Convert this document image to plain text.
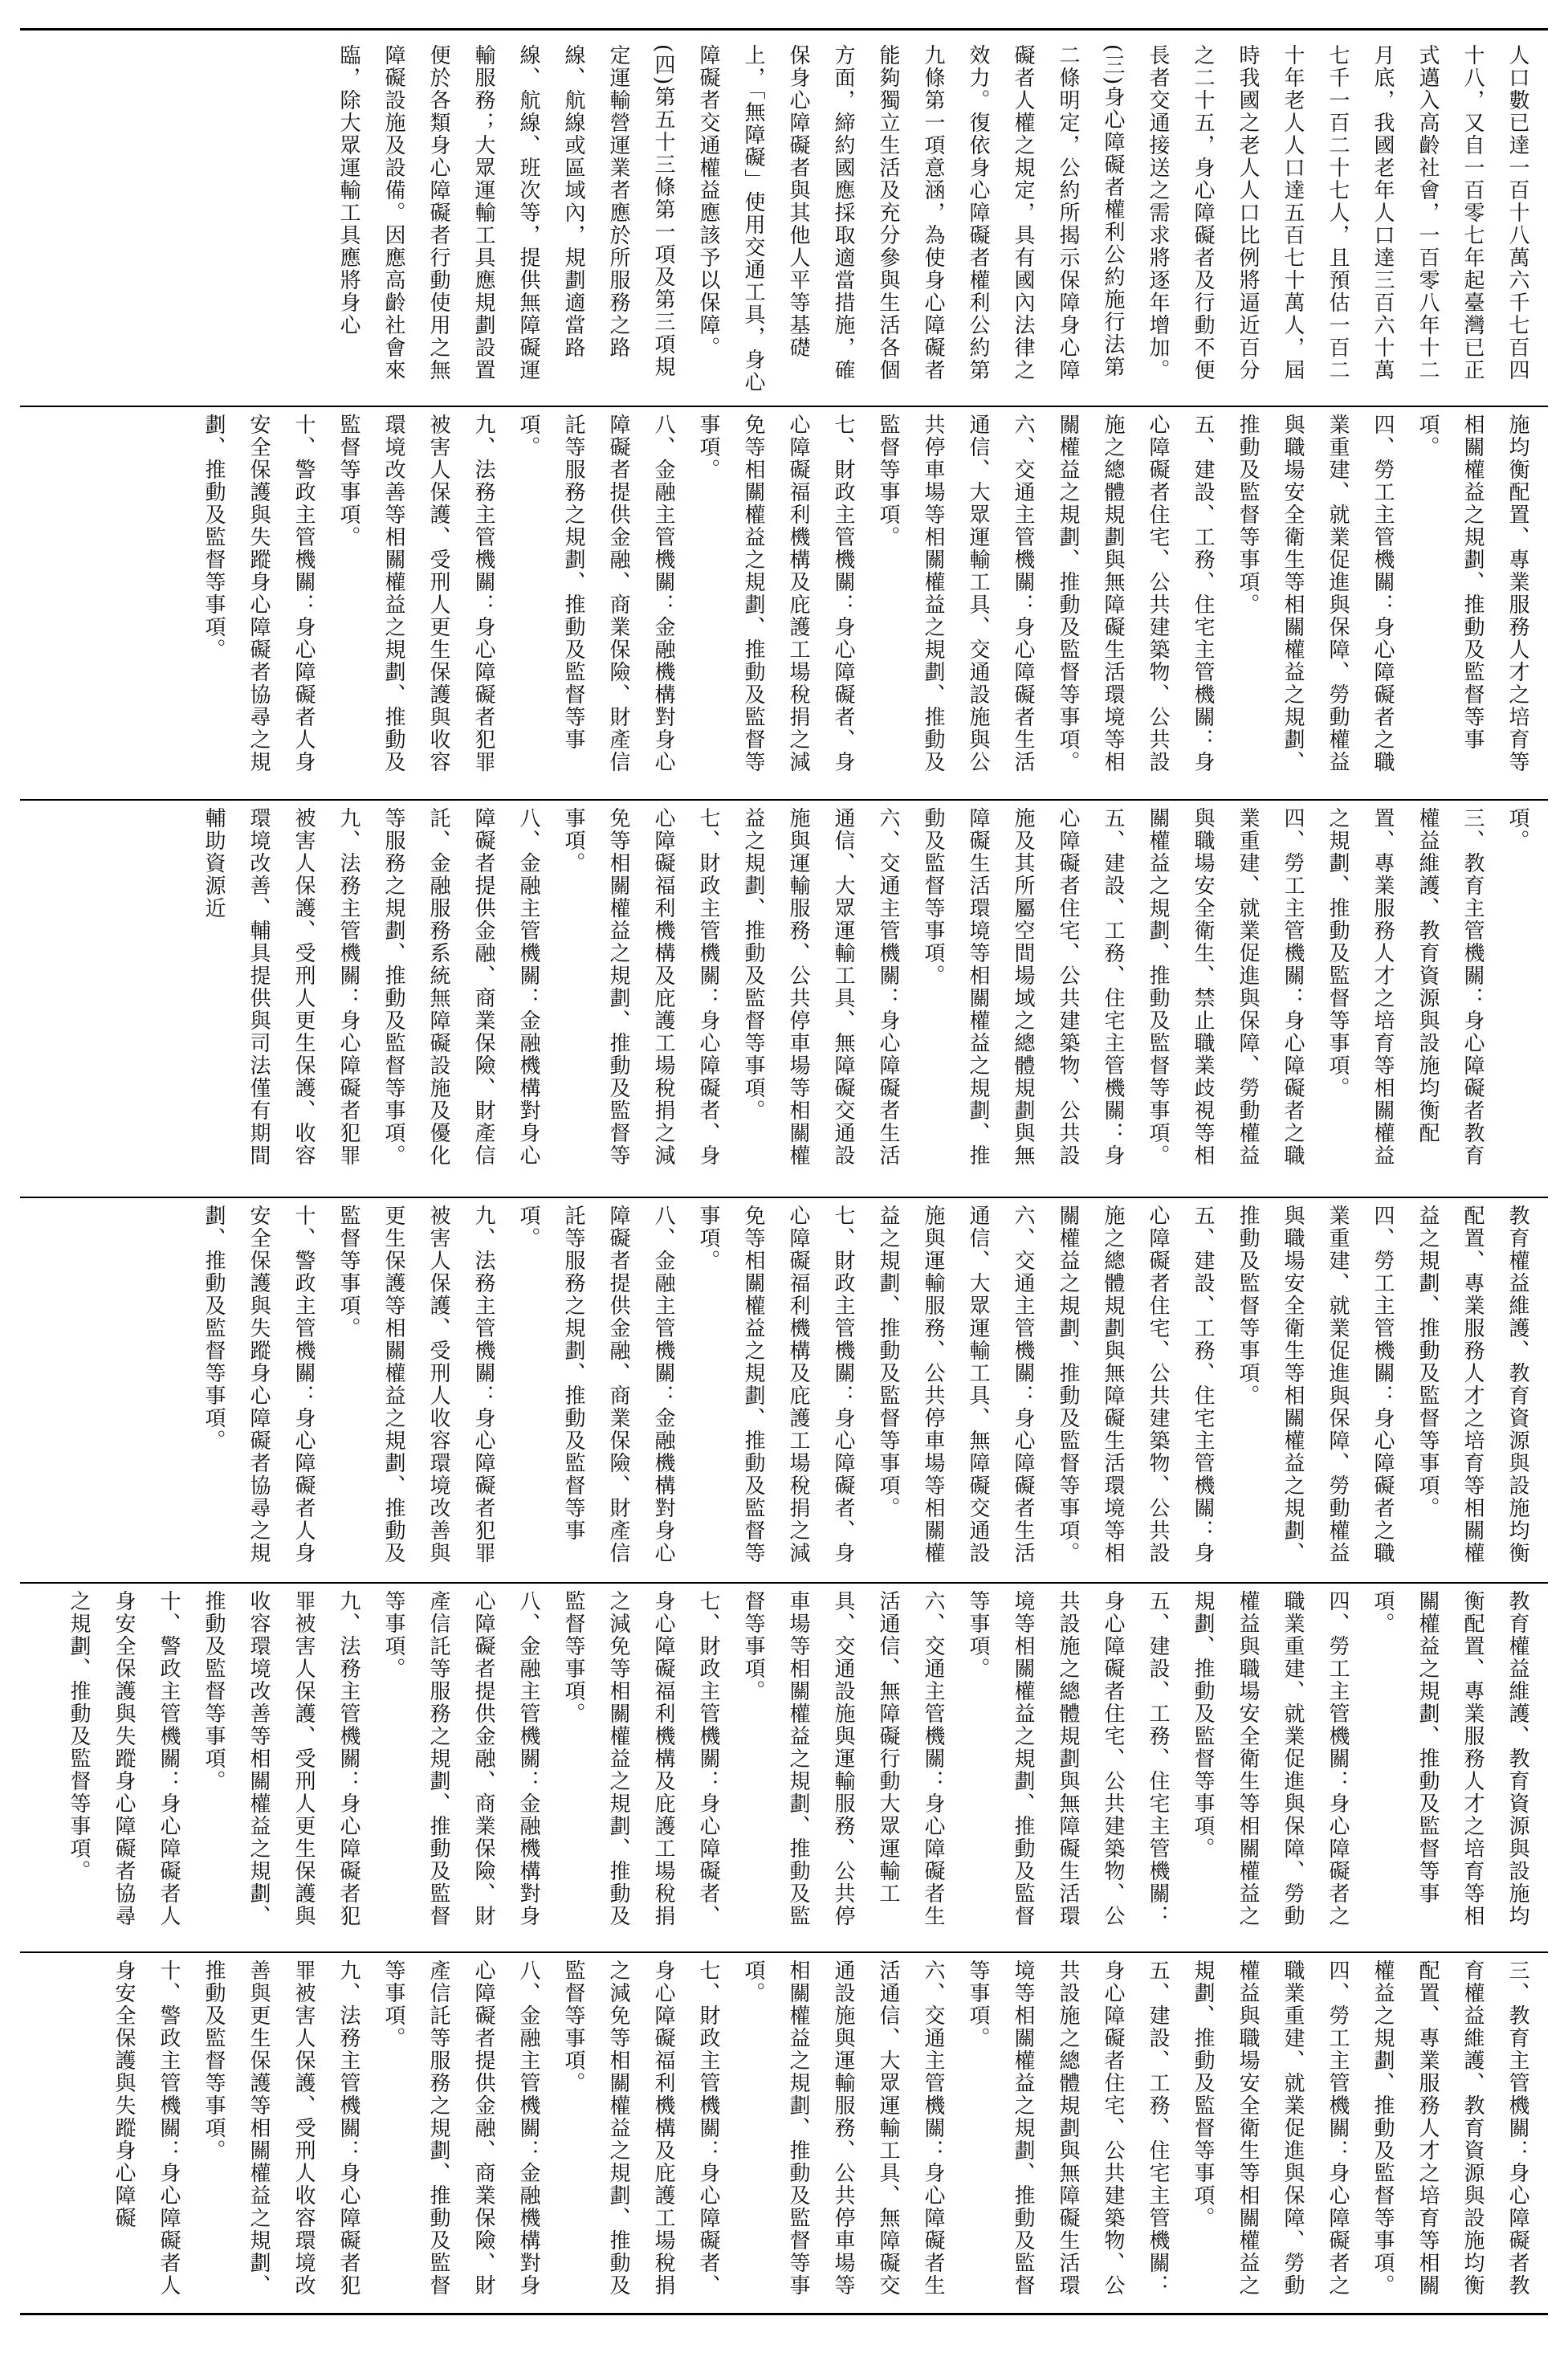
人口數已達一百十八萬六千七百四十八，又自一百零七年起臺灣已正式邁入高齡社會，一百零八年十二月底，我國老年人口達三百六十萬七千一百二十七人，且預估一百二十年老人人口達五百七十萬人，屆時我國之老人人口比例將逼近百分之二十五，身心障礙者及行動不便長者交通接送之需求將逐年增加。

(三)身心障礙者權利公約施行法第二條明定，公約所揭示保障身心障礙者人權之規定，具有國內法律之效力。復依身心障礙者權利公約第九條第一項意涵，為使身心障礙者能夠獨立生活及充分參與生活各個方面，締約國應採取適當措施，確保身心障礙者與其他人平等基礎上，「無障礙」使用交通工具，身心障礙者交通權益應該予以保障。

(四)第五十三條第一項及第三項規定運輸營運業者應於所服務之路線、航線或區域內，規劃適當路線、航線、班次等，提供無障礙運輸服務；大眾運輸工具應規劃設置便於各類身心障礙者行動使用之無障礙設施及設備。因應高齡社會來臨，除大眾運輸工具應將身心

施均衡配置、專業服務人才之培育等相關權益之規劃、推動及監督等事項。

四、勞工主管機關：身心障礙者之職業重建、就業促進與保障、勞動權益與職場安全衛生等相關權益之規劃、推動及監督等事項。

五、建設、工務、住宅主管機關：身心障礙者住宅、公共建築物、公共設施之總體規劃與無障礙生活環境等相關權益之規劃、推動及監督等事項。

六、交通主管機關：身心障礙者生活通信、大眾運輸工具、交通設施與公共停車場等相關權益之規劃、推動及監督等事項。

七、財政主管機關：身心障礙者、身心障礙福利機構及庇護工場稅捐之減免等相關權益之規劃、推動及監督等事項。

八、金融主管機關：金融機構對身心障礙者提供金融、商業保險、財產信託等服務之規劃、推動及監督等事項。

九、法務主管機關：身心障礙者犯罪被害人保護、受刑人更生保護與收容環境改善等相關權益之規劃、推動及監督等事項。

十、警政主管機關：身心障礙者人身安全保護與失蹤身心障礙者協尋之規劃、推動及監督等事項。

項。

三、教育主管機關：身心障礙者教育權益維護、教育資源與設施均衡配置、專業服務人才之培育等相關權益之規劃、推動及監督等事項。

四、勞工主管機關：身心障礙者之職業重建、就業促進與保障、勞動權益與職場安全衛生、禁止職業歧視等相關權益之規劃、推動及監督等事項。

五、建設、工務、住宅主管機關：身心障礙者住宅、公共建築物、公共設施及其所屬空間場域之總體規劃與無障礙生活環境等相關權益之規劃、推動及監督等事項。

六、交通主管機關：身心障礙者生活通信、大眾運輸工具、無障礙交通設施與運輸服務、公共停車場等相關權益之規劃、推動及監督等事項。

七、財政主管機關：身心障礙者、身心障礙福利機構及庇護工場稅捐之減免等相關權益之規劃、推動及監督等事項。

八、金融主管機關：金融機構對身心障礙者提供金融、商業保險、財產信託、金融服務系統無障礙設施及優化等服務之規劃、推動及監督等事項。

九、法務主管機關：身心障礙者犯罪被害人保護、受刑人更生保護、收容環境改善、輔具提供與司法僅有期間輔助資源近

教育權益維護、教育資源與設施均衡配置、專業服務人才之培育等相關權益之規劃、推動及監督等事項。

四、勞工主管機關：身心障礙者之職業重建、就業促進與保障、勞動權益與職場安全衛生等相關權益之規劃、推動及監督等事項。

五、建設、工務、住宅主管機關：身心障礙者住宅、公共建築物、公共設施之總體規劃與無障礙生活環境等相關權益之規劃、推動及監督等事項。

六、交通主管機關：身心障礙者生活通信、大眾運輸工具、無障礙交通設施與運輸服務、公共停車場等相關權益之規劃、推動及監督等事項。

七、財政主管機關：身心障礙者、身心障礙福利機構及庇護工場稅捐之減免等相關權益之規劃、推動及監督等事項。

八、金融主管機關：金融機構對身心障礙者提供金融、商業保險、財產信託等服務之規劃、推動及監督等事項。

九、法務主管機關：身心障礙者犯罪被害人保護、受刑人收容環境改善與更生保護等相關權益之規劃、推動及監督等事項。

十、警政主管機關：身心障礙者人身安全保護與失蹤身心障礙者協尋之規劃、推動及監督等事項。

教育權益維護、教育資源與設施均衡配置、專業服務人才之培育等相關權益之規劃、推動及監督等事項。

四、勞工主管機關：身心障礙者之職業重建、就業促進與保障、勞動權益與職場安全衛生等相關權益之規劃、推動及監督等事項。

五、建設、工務、住宅主管機關：身心障礙者住宅、公共建築物、公共設施之總體規劃與無障礙生活環境等相關權益之規劃、推動及監督等事項。

六、交通主管機關：身心障礙者生活通信、無障礙行動大眾運輸工具、交通設施與運輸服務、公共停車場等相關權益之規劃、推動及監督等事項。

七、財政主管機關：身心障礙者、身心障礙福利機構及庇護工場稅捐之減免等相關權益之規劃、推動及監督等事項。

八、金融主管機關：金融機構對身心障礙者提供金融、商業保險、財產信託等服務之規劃、推動及監督等事項。

九、法務主管機關：身心障礙者犯罪被害人保護、受刑人更生保護與收容環境改善等相關權益之規劃、推動及監督等事項。

十、警政主管機關：身心障礙者人身安全保護與失蹤身心障礙者協尋之規劃、推動及監督等事項。

三、教育主管機關：身心障礙者教育權益維護、教育資源與設施均衡配置、專業服務人才之培育等相關權益之規劃、推動及監督等事項。

四、勞工主管機關：身心障礙者之職業重建、就業促進與保障、勞動權益與職場安全衛生等相關權益之規劃、推動及監督等事項。

五、建設、工務、住宅主管機關：身心障礙者住宅、公共建築物、公共設施之總體規劃與無障礙生活環境等相關權益之規劃、推動及監督等事項。

六、交通主管機關：身心障礙者生活通信、大眾運輸工具、無障礙交通設施與運輸服務、公共停車場等相關權益之規劃、推動及監督等事項。

七、財政主管機關：身心障礙者、身心障礙福利機構及庇護工場稅捐之減免等相關權益之規劃、推動及監督等事項。

八、金融主管機關：金融機構對身心障礙者提供金融、商業保險、財產信託等服務之規劃、推動及監督等事項。

九、法務主管機關：身心障礙者犯罪被害人保護、受刑人收容環境改善與更生保護等相關權益之規劃、推動及監督等事項。

十、警政主管機關：身心障礙者人身安全保護與失蹤身心障礙
